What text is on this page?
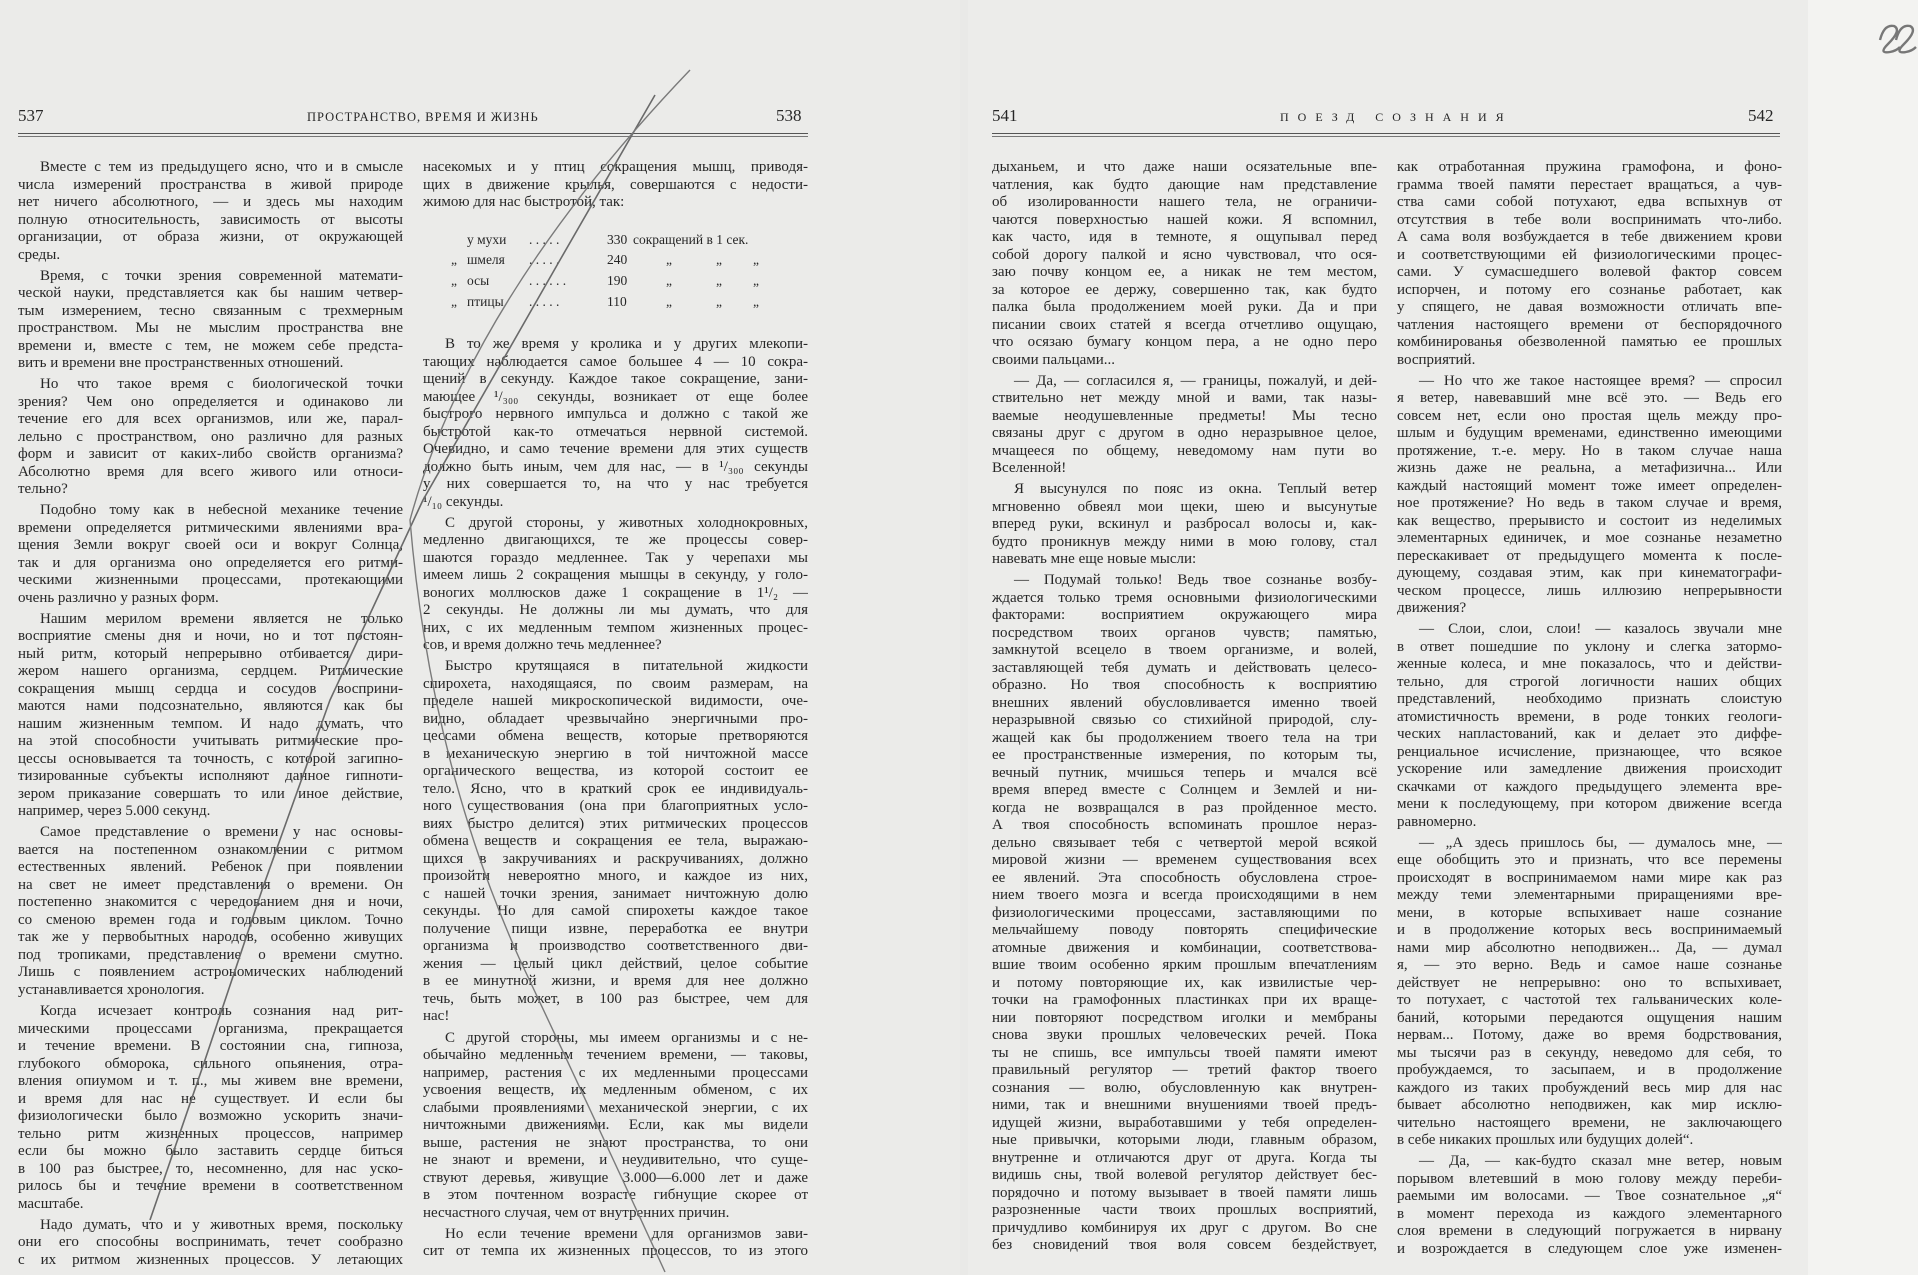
537	ПРОСТРАНСТВО, ВРЕМЯ И ЖИЗНЬ	538
Вместе с тем из предыдущего ясно, что и в смысле
числа измерений пространства в живой природе
нет ничего абсолютного, — и здесь мы находим
полную относительность, зависимость от высоты
организации, от образа жизни, от окружающей
среды.
Время, с точки зрения современной математи-
ческой науки, представляется как бы нашим четвер-
тым измерением, тесно связанным с трехмерным
пространством. Мы не мыслим пространства вне
времени и, вместе с тем, не можем себе предста-
вить и времени вне пространственных отношений.
Но что такое время с биологической точки
зрения? Чем оно определяется и одинаково ли
течение его для всех организмов, или же, парал-
лельно с пространством, оно различно для разных
форм и зависит от каких-либо свойств организма?
Абсолютно время для всего живого или относи-
тельно?
Подобно тому как в небесной механике течение
времени определяется ритмическими явлениями вра-
щения Земли вокруг своей оси и вокруг Солнца,
так и для организма оно определяется его ритми-
ческими жизненными процессами, протекающими
очень различно у разных форм.
Нашим мерилом времени является не только
восприятие смены дня и ночи, но и тот постоян-
ный ритм, который непрерывно отбивается дири-
жером нашего организма, сердцем. Ритмические
сокращения мышц сердца и сосудов восприни-
маются нами подсознательно, являются как бы
нашим жизненным темпом. И надо думать, что
на этой способности учитывать ритмические про-
цессы основывается та точность, с которой загипно-
тизированные субъекты исполняют данное гипноти-
зером приказание совершать то или иное действие,
например, через 5.000 секунд.
Самое представление о времени у нас основы-
вается на постепенном ознакомлении с ритмом
естественных явлений. Ребенок при появлении
на свет не имеет представления о времени. Он
постепенно знакомится с чередованием дня и ночи,
со сменою времен года и годовым циклом. Точно
так же у первобытных народов, особенно живущих
под тропиками, представление о времени смутно.
Лишь с появлением астрономических наблюдений
устанавливается хронология.
Когда исчезает контроль сознания над рит-
мическими процессами организма, прекращается
и течение времени. В состоянии сна, гипноза,
глубокого обморока, сильного опьянения, отра-
вления опиумом и т. п., мы живем вне времени,
и время для нас не существует. И если бы
физиологически было возможно ускорить значи-
тельно ритм жизненных процессов, например
если бы можно было заставить сердце биться
в 100 раз быстрее, то, несомненно, для нас уско-
рилось бы и течение времени в соответственном
масштабе.
Надо думать, что и у животных время, поскольку
они его способны воспринимать, течет сообразно
с их ритмом жизненных процессов. У летающих
насекомых и у птиц сокращения мышц, приводя-
щих в движение крылья, совершаются с недости-
жимою для нас быстротой, так:
у мухи . . . . .	330 сокращений в 1 сек.
„ шмеля . . . . .	240	„	„ „
„ осы	. . . . . .	190	„	„ „
„ птицы . . . . .	110	„	„ „
В то же время у кролика и у других млекопи-
тающих наблюдается самое большее 4 — 10 сокра-
щений в секунду. Каждое такое сокращение, зани-
мающее ¹/₃₀₀ секунды, возникает от еще более
быстрого нервного импульса и должно с такой же
быстротой как-то отмечаться нервной системой.
Очевидно, и само течение времени для этих существ
должно быть иным, чем для нас, — в ¹/₃₀₀ секунды
у них совершается то, на что у нас требуется
¹/₁₀ секунды.
С другой стороны, у животных холоднокровных,
медленно двигающихся, те же процессы совер-
шаются гораздо медленнее. Так у черепахи мы
имеем лишь 2 сокращения мышцы в секунду, у голо-
воногих моллюсков даже 1 сокращение в 1¹/₂ —
2 секунды. Не должны ли мы думать, что для
них, с их медленным темпом жизненных процес-
сов, и время должно течь медленнее?
Быстро крутящаяся в питательной жидкости
спирохета, находящаяся, по своим размерам, на
пределе нашей микроскопической видимости, оче-
видно, обладает чрезвычайно энергичными про-
цессами обмена веществ, которые претворяются
в механическую энергию в той ничтожной массе
органического вещества, из которой состоит ее
тело. Ясно, что в краткий срок ее индивидуаль-
ного существования (она при благоприятных усло-
виях быстро делится) этих ритмических процессов
обмена веществ и сокращения ее тела, выражаю-
щихся в закручиваниях и раскручиваниях, должно
произойти невероятно много, и каждое из них,
с нашей точки зрения, занимает ничтожную долю
секунды. Но для самой спирохеты каждое такое
получение пищи извне, переработка ее внутри
организма и производство соответственного дви-
жения — целый цикл действий, целое событие
в ее минутной жизни, и время для нее должно
течь, быть может, в 100 раз быстрее, чем для
нас!
С другой стороны, мы имеем организмы и с не-
обычайно медленным течением времени, — таковы,
например, растения с их медленными процессами
усвоения веществ, их медленным обменом, с их
слабыми проявлениями механической энергии, с их
ничтожными движениями. Если, как мы видели
выше, растения не знают пространства, то они
не знают и времени, и неудивительно, что суще-
ствуют деревья, живущие 3.000—6.000 лет и даже
в этом почтенном возрасте гибнущие скорее от
несчастного случая, чем от внутренних причин.
Но если течение времени для организмов зави-
сит от темпа их жизненных процессов, то из этого
541	ПОЕЗД СОЗНАНИЯ	542
дыханьем, и что даже наши осязательные впе-
чатления, как будто дающие нам представление
об изолированности нашего тела, не ограничи-
чаются поверхностью нашей кожи. Я вспомнил,
как часто, идя в темноте, я ощупывал перед
собой дорогу палкой и ясно чувствовал, что ося-
заю почву концом ее, а никак не тем местом,
за которое ее держу, совершенно так, как будто
палка была продолжением моей руки. Да и при
писании своих статей я всегда отчетливо ощущаю,
что осязаю бумагу концом пера, а не одно перо
своими пальцами...
— Да, — согласился я, — границы, пожалуй, и дей-
ствительно нет между мной и вами, так назы-
ваемые неодушевленные предметы! Мы тесно
связаны друг с другом в одно неразрывное целое,
мчащееся по общему, неведомому нам пути во
Вселенной!
Я высунулся по пояс из окна. Теплый ветер
мгновенно обвеял мои щеки, шею и высунутые
вперед руки, вскинул и разбросал волосы и, как-
будто проникнув между ними в мою голову, стал
навевать мне еще новые мысли:
— Подумай только! Ведь твое сознанье возбу-
ждается только тремя основными физиологическими
факторами: восприятием окружающего мира
посредством твоих органов чувств; памятью,
замкнутой всецело в твоем организме, и волей,
заставляющей тебя думать и действовать целесо-
образно. Но твоя способность к восприятию
внешних явлений обусловливается именно твоей
неразрывной связью со стихийной природой, слу-
жащей как бы продолжением твоего тела на три
ее пространственные измерения, по которым ты,
вечный путник, мчишься теперь и мчался всё
время вперед вместе с Солнцем и Землей и ни-
когда не возвращался в раз пройденное место.
А твоя способность вспоминать прошлое нераз-
дельно связывает тебя с четвертой мерой всякой
мировой жизни — временем существования всех
ее явлений. Эта способность обусловлена строе-
нием твоего мозга и всегда происходящими в нем
физиологическими процессами, заставляющими по
мельчайшему поводу повторять специфические
атомные движения и комбинации, соответствова-
вшие твоим особенно ярким прошлым впечатлениям
и потому повторяющие их, как извилистые чер-
точки на грамофонных пластинках при их враще-
нии повторяют посредством иголки и мембраны
снова звуки прошлых человеческих речей. Пока
ты не спишь, все импульсы твоей памяти имеют
правильный регулятор — третий фактор твоего
сознания — волю, обусловленную как внутрен-
ними, так и внешними внушениями твоей предъ-
идущей жизни, выработавшими у тебя определен-
ные привычки, которыми люди, главным образом,
внутренне и отличаются друг от друга. Когда ты
видишь сны, твой волевой регулятор действует бес-
порядочно и потому вызывает в твоей памяти лишь
разрозненные части твоих прошлых восприятий,
причудливо комбинируя их друг с другом. Во сне
без сновидений твоя воля совсем бездействует,
как отработанная пружина грамофона, и фоно-
грамма твоей памяти перестает вращаться, а чув-
ства сами собой потухают, едва вспыхнув от
отсутствия в тебе воли воспринимать что-либо.
А сама воля возбуждается в тебе движением крови
и соответствующими ей физиологическими процес-
сами. У сумасшедшего волевой фактор совсем
испорчен, и потому его сознанье работает, как
у спящего, не давая возможности отличать впе-
чатления настоящего времени от беспорядочного
комбинированья обезволенной памятью ее прошлых
восприятий.
— Но что же такое настоящее время? — спросил
я ветер, навевавший мне всё это. — Ведь его
совсем нет, если оно простая щель между про-
шлым и будущим временами, единственно имеющими
протяжение, т.-е. меру. Но в таком случае наша
жизнь даже не реальна, а метафизична... Или
каждый настоящий момент тоже имеет определен-
ное протяжение? Но ведь в таком случае и время,
как вещество, прерывисто и состоит из неделимых
элементарных единичек, и мое сознанье незаметно
перескакивает от предыдущего момента к после-
дующему, создавая этим, как при кинематографи-
ческом процессе, лишь иллюзию непрерывности
движения?
— Слои, слои, слои! — казалось звучали мне
в ответ пошедшие по уклону и слегка затормо-
женные колеса, и мне показалось, что и действи-
тельно, для строгой логичности наших общих
представлений, необходимо признать слоистую
атомистичность времени, в роде тонких геологи-
ческих напластований, как и делает это диффе-
ренциальное исчисление, признающее, что всякое
ускорение или замедление движения происходит
скачками от каждого предыдущего элемента вре-
мени к последующему, при котором движение всегда
равномерно.
— „А здесь пришлось бы, — думалось мне, —
еще обобщить это и признать, что все перемены
происходят в воспринимаемом нами мире как раз
между теми элементарными приращениями вре-
мени, в которые вспыхивает наше сознание
и в продолжение которых весь воспринимаемый
нами мир абсолютно неподвижен... Да, — думал
я, — это верно. Ведь и самое наше сознанье
действует не непрерывно: оно то вспыхивает,
то потухает, с частотой тех гальванических коле-
баний, которыми передаются ощущения нашим
нервам... Потому, даже во время бодрствования,
мы тысячи раз в секунду, неведомо для себя, то
пробуждаемся, то засыпаем, и в продолжение
каждого из таких пробуждений весь мир для нас
бывает абсолютно неподвижен, как мир исклю-
чительно настоящего времени, не заключающего
в себе никаких прошлых или будущих долей“.
— Да, — как-будто сказал мне ветер, новым
порывом влетевший в мою голову между переби-
раемыми им волосами. — Твое сознательное „я“
в момент перехода из каждого элементарного
слоя времени в следующий погружается в нирвану
и возрождается в следующем слое уже изменен-
